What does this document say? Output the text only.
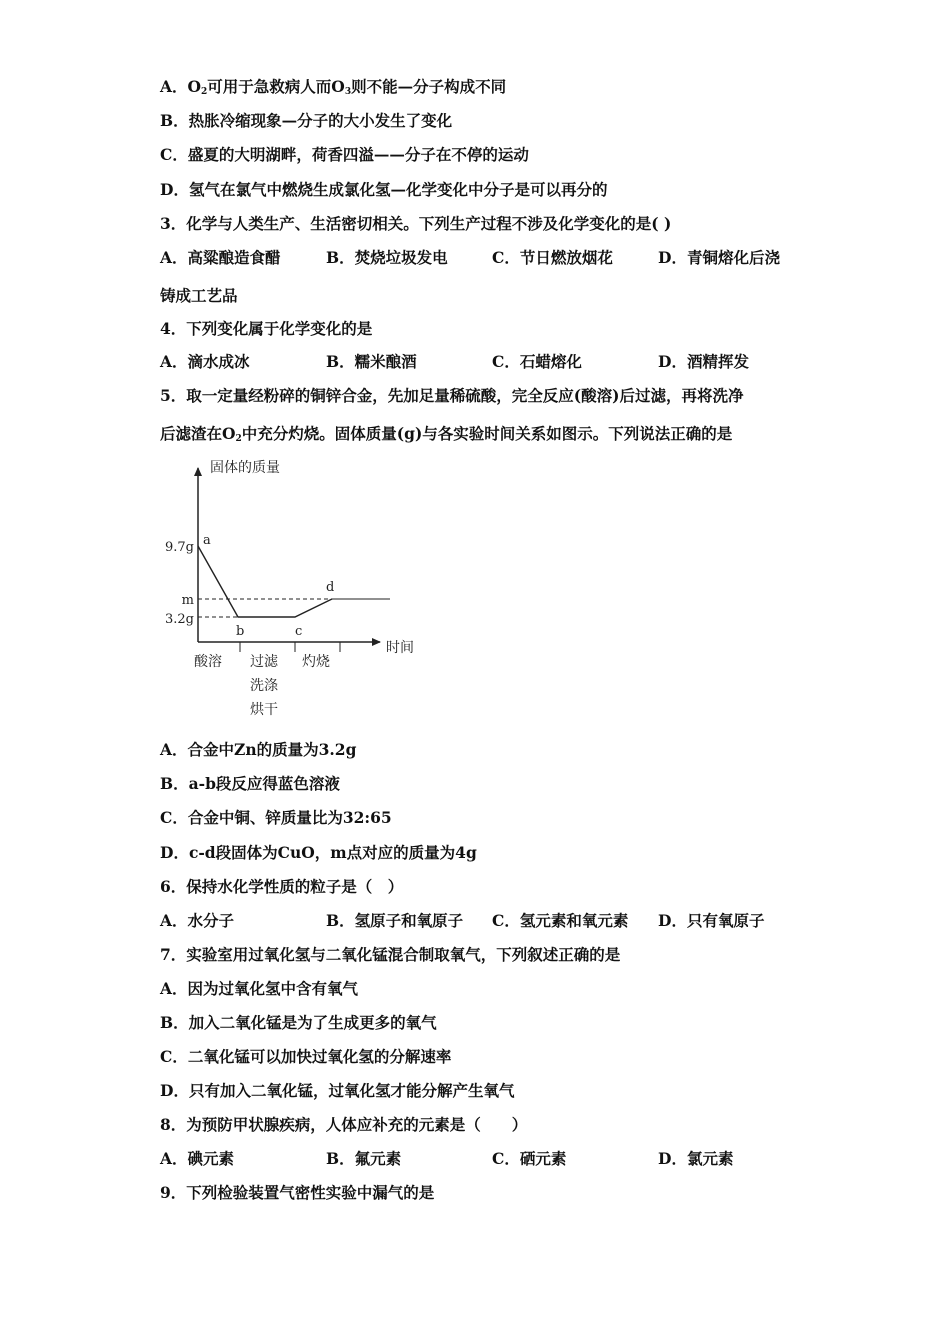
A．$O_2$可用于急救病人而$O_3$则不能—分子构成不同
B．热胀冷缩现象—分子的大小发生了变化
C．盛夏的大明湖畔，荷香四溢——分子在不停的运动
D．氢气在氯气中燃烧生成氯化氢—化学变化中分子是可以再分的
3．化学与人类生产、生活密切相关。下列生产过程不涉及化学变化的是( )
A．高粱酿造食醋	B．焚烧垃圾发电	C．节日燃放烟花	D．青铜熔化后浇
铸成工艺品
4．下列变化属于化学变化的是
A．滴水成冰	B．糯米酿酒	C．石蜡熔化	D．酒精挥发
5．取一定量经粉碎的铜锌合金，先加足量稀硫酸，完全反应(酸溶)后过滤，再将洗净
后滤渣在$O_2$中充分灼烧。固体质量(g)与各实验时间关系如图示。下列说法正确的是
固体的质量
时间
酸溶 过滤
洗涤
烘干
灼烧
9.7g
m
3.2g
a
b	c
d
A．合金中Zn的质量为3.2g
B．a-b段反应得蓝色溶液
C．合金中铜、锌质量比为32:65
D．c-d段固体为CuO，m点对应的质量为4g
6．保持水化学性质的粒子是（　）
A．水分子	B．氢原子和氧原子 C．氢元素和氧元素 D．只有氧原子
7．实验室用过氧化氢与二氧化锰混合制取氧气，下列叙述正确的是
A．因为过氧化氢中含有氧气
B．加入二氧化锰是为了生成更多的氧气
C．二氧化锰可以加快过氧化氢的分解速率
D．只有加入二氧化锰，过氧化氢才能分解产生氧气
8．为预防甲状腺疾病，人体应补充的元素是（　　）
A．碘元素	B．氟元素	C．硒元素	D．氯元素
9．下列检验装置气密性实验中漏气的是
